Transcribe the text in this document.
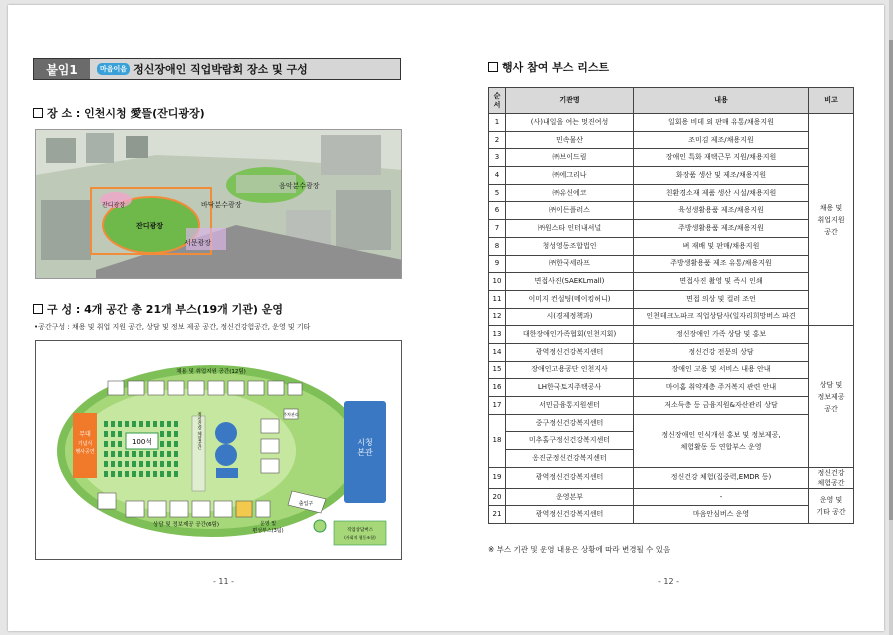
붙임1	마음이음 정신장애인 직업박람회 장소 및 구성
장 소 : 인천시청 愛뜰(잔디광장)
음악분수광장
잔디광장
바닥분수광장
잔디광장
서문광장
구 성 : 4개 공간 총 21개 부스(19개 기관) 운영
•공간구성 : 채용 및 취업 지원 공간, 상담 및 정보 제공 공간, 정신건강험공간, 운영 및 기타
무대
기념식
행사공연
100석
채용 및 취업지원 공간(12팀)
정신건강 체험공간	주차관리
시청
본관
상담 및 정보제공 공간(6팀)	운영 및
편성부스(3팀)
출입구
직업상담버스
(사회적 협동조합)
- 11 -
행사 참여 부스 리스트
순서	기관명	내용	비고
1	(사)내일을 여는 멋진여성	일회용 비데 외 판매 유통/채용지원	채용 및
취업지원
공간
2	민속물산	조미김 제조/채용지원	
3	㈜브이드림	장애인 특화 재택근무 지원/채용지원	
4	㈜에그리나	화장품 생산 및 제조/채용지원	
5	㈜유신에코	친환경소재 제품 생산 시설/채용지원	
6	㈜이든플러스	육성생활용품 제조/채용지원	
7	㈜원스타 인터내셔널	주방생활용품 제조/채용지원	
8	청성영동조합법인	벼 재배 및 판매/채용지원	
9	㈜한국세라프	주방생활용품 제조 유통/채용지원	
10	면접사진(SAEKLmall)	면접사진 촬영 및 즉시 인쇄	
11	이미지 컨설팅(메이킹허니)	면접 의상 및 컬러 조언	
12	시(경제정책과)	인천테크노파크 직업상담사(일자리희망버스 파견	
13	대한장애인가족협회(인천지회)	정신장애인 가족 상담 및 홍보	상담 및
정보제공
공간
14	광역정신건강복지센터	정신건강 전문의 상담	
15	장애인고용공단 인천지사	장애인 고용 및 서비스 내용 안내	
16	LH한국토지주택공사	마이홈 취약계층 주거복지 관련 안내	
17	서민금융통지원센터	저소득층 등 금융지원&자산관리 상담	
18	중구정신건강복지센터	정신장애인 인식개선 홍보 및 정보제공,
체험활동 등 연합부스 운영	
	미추홀구정신건강복지센터		
	옹진군정신건강복지센터		
19	광역정신건강복지센터	정신건강 체험(집중력,EMDR 등)	정신건강
체험공간
20	운영본부	-	운영 및
기타 공간
21	광역정신건강복지센터	마음안심버스 운영	
※ 부스 기관 및 운영 내용은 상황에 따라 변경될 수 있음
- 12 -
